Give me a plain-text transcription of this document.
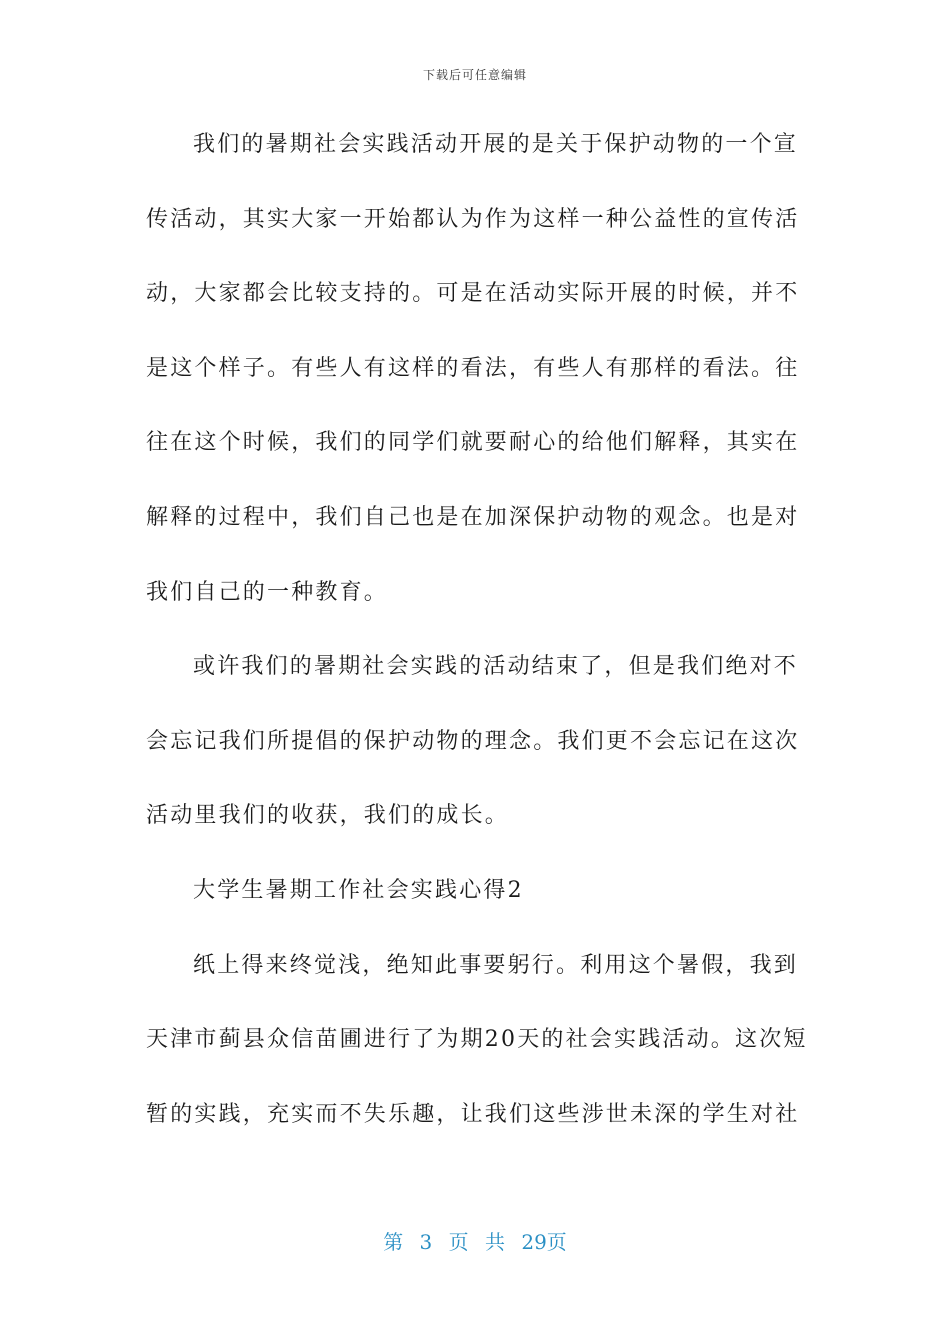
下载后可任意编辑
我们的暑期社会实践活动开展的是关于保护动物的一个宣
传活动，其实大家一开始都认为作为这样一种公益性的宣传活
动，大家都会比较支持的。可是在活动实际开展的时候，并不
是这个样子。有些人有这样的看法，有些人有那样的看法。往
往在这个时候，我们的同学们就要耐心的给他们解释，其实在
解释的过程中，我们自己也是在加深保护动物的观念。也是对
我们自己的一种教育。
或许我们的暑期社会实践的活动结束了，但是我们绝对不
会忘记我们所提倡的保护动物的理念。我们更不会忘记在这次
活动里我们的收获，我们的成长。
大学生暑期工作社会实践心得2
纸上得来终觉浅，绝知此事要躬行。利用这个暑假，我到
天津市蓟县众信苗圃进行了为期20天的社会实践活动。这次短
暂的实践，充实而不失乐趣，让我们这些涉世未深的学生对社
第 3 页 共 29页
